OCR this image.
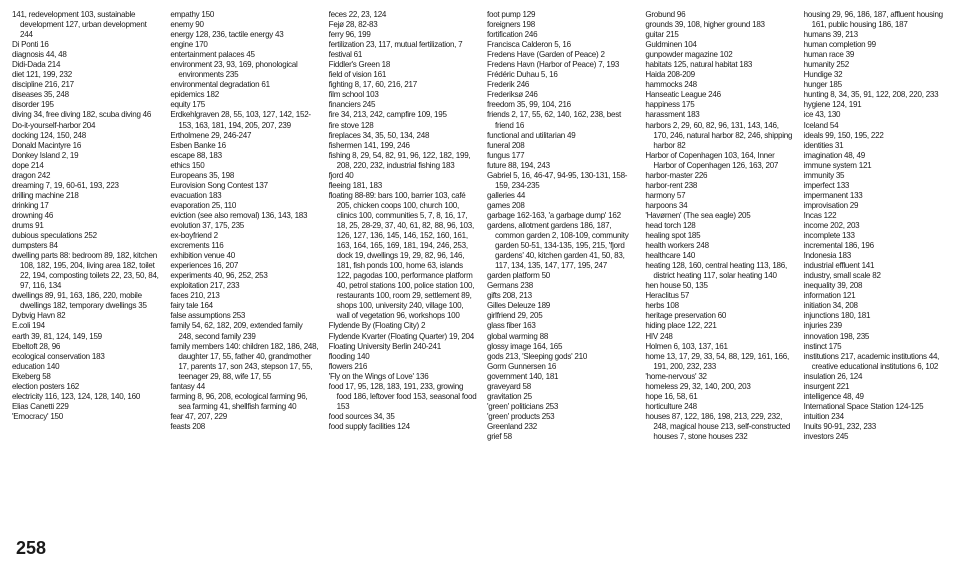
141, redevelopment 103, sustainable development 127, urban development 244

Di Ponti 16

diagnosis 44, 48

Didi-Dada 214

diet 121, 199, 232

discipline 216, 217

diseases 35, 248

disorder 195

diving 34, free diving 182, scuba diving 46

Do-it-yourself-harbor 204

docking 124, 150, 248

Donald Macintyre 16

Donkey Island 2, 19

dope 214

dragon 242

dreaming 7, 19, 60-61, 193, 223

drilling machine 218

drinking 17

drowning 46

drums 91

dubious speculations 252

dumpsters 84

dwelling parts 88: bedroom 89, 182, kitchen 108, 182, 195, 204, living area 182, toilet 22, 194, composting toilets 22, 23, 50, 84, 97, 116, 134

dwellings 89, 91, 163, 186, 220, mobile dwellings 182, temporary dwellings 35

Dybvig Havn 82

E.coli 194

earth 39, 81, 124, 149, 159

Ebeltoft 28, 96

ecological conservation 183

education 140

Ekeberg 58

election posters 162

electricity 116, 123, 124, 128, 140, 160

Elias Canetti 229

'Emocracy' 150

empathy 150

enemy 90

energy 128, 236, tactile energy 43

engine 170

entertainment palaces 45

environment 23, 93, 169, phonological environments 235

environmental degradation 61

epidemics 182

equity 175

Erdkehlgraven 28, 55, 103, 127, 142, 152-153, 163, 181, 194, 205, 207, 239

Ertholmene 29, 246-247

Esben Banke 16

escape 88, 183

ethics 150

Europeans 35, 198

Eurovision Song Contest 137

evacuation 183

evaporation 25, 110

eviction (see also removal) 136, 143, 183

evolution 37, 175, 235

ex-boyfriend 2

excrements 116

exhibition venue 40

experiences 16, 207

experiments 40, 96, 252, 253

exploitation 217, 233

faces 210, 213

fairy tale 164

false assumptions 253

family 54, 62, 182, 209, extended family 248, second family 239

family members 140: children 182, 186, 248, daughter 17, 55, father 40, grandmother 17, parents 17, son 243, stepson 17, 55, teenager 29, 88, wife 17, 55

fantasy 44

farming 8, 96, 208, ecological farming 96, sea farming 41, shellfish farming 40

fear 47, 207, 229

feasts 208

feces 22, 23, 124

Fejø 28, 82-83

ferry 96, 199

fertilization 23, 117, mutual fertilization, 7

festival 61

Fiddler's Green 18

field of vision 161

fighting 8, 17, 60, 216, 217

film school 103

financiers 245

fire 34, 213, 242, campfire 109, 195

fire stove 128

fireplaces 34, 35, 50, 134, 248

fishermen 141, 199, 246

fishing 8, 29, 54, 82, 91, 96, 122, 182, 199, 208, 220, 232, industrial fishing 183

fjord 40

fleeing 181, 183

floating 88-89: bars 100, barrier 103, café 205, chicken coops 100, church 100, clinics 100, communities 5, 7, 8, 16, 17, 18, 25, 28-29, 37, 40, 61, 82, 88, 96, 103, 126, 127, 136, 145, 146, 152, 160, 161, 163, 164, 165, 169, 181, 194, 246, 253, dock 19, dwellings 19, 29, 82, 96, 146, 181, fish ponds 100, home 63, islands 122, pagodas 100, performance platform 40, petrol stations 100, police station 100, restaurants 100, room 29, settlement 89, shops 100, university 240, village 100, wall of vegetation 96, workshops 100

Flydende By (Floating City) 2

Flydende Kvarter (Floating Quarter) 19, 204

Floating University Berlin 240-241

flooding 140

flowers 216

'Fly on the Wings of Love' 136

food 17, 95, 128, 183, 191, 233, growing food 186, leftover food 153, seasonal food 153

food sources 34, 35

food supply facilities 124

foot pump 129

foreigners 198

fortification 246

Francisca Calderon 5, 16

Fredens Have (Garden of Peace) 2

Fredens Havn (Harbor of Peace) 7, 193

Frédéric Duhau 5, 16

Frederik 246

Frederiksø 246

freedom 35, 99, 104, 216

friends 2, 17, 55, 62, 140, 162, 238, best friend 16

functional and utilitarian 49

funeral 208

fungus 177

future 88, 194, 243

Gabriel 5, 16, 46-47, 94-95, 130-131, 158-159, 234-235

galleries 44

games 208

garbage 162-163, 'a garbage dump' 162

gardens, allotment gardens 186, 187, common garden 2, 108-109, community garden 50-51, 134-135, 195, 215, 'fjord gardens' 40, kitchen garden 41, 50, 83, 117, 134, 135, 147, 177, 195, 247

garden platform 50

Germans 238

gifts 208, 213

Gilles Deleuze 189

girlfriend 29, 205

glass fiber 163

global warming 88

glossy image 164, 165

gods 213, 'Sleeping gods' 210

Gorm Gunnersen 16

government 140, 181

graveyard 58

gravitation 25

'green' politicians 253

'green' products 253

Greenland 232

grief 58

Grobund 96

grounds 39, 108, higher ground 183

guitar 215

Guldminen 104

gunpowder magazine 102

habitats 125, natural habitat 183

Haida 208-209

hammocks 248

Hanseatic League 246

happiness 175

harassment 183

harbors 2, 29, 60, 82, 96, 131, 143, 146, 170, 246, natural harbor 82, 246, shipping harbor 82

Harbor of Copenhagen 103, 164, Inner Harbor of Copenhagen 126, 163, 207

harbor-master 226

harbor-rent 238

harmony 57

harpoons 34

'Havørnen' (The sea eagle) 205

head torch 128

healing spot 185

health workers 248

healthcare 140

heating 128, 160, central heating 113, 186, district heating 117, solar heating 140

hen house 50, 135

Heraclitus 57

herbs 108

heritage preservation 60

hiding place 122, 221

HIV 248

Holmen 6, 103, 137, 161

home 13, 17, 29, 33, 54, 88, 129, 161, 166, 191, 200, 232, 233

'home-nervous' 32

homeless 29, 32, 140, 200, 203

hope 16, 58, 61

horticulture 248

houses 87, 122, 186, 198, 213, 229, 232, 248, magical house 213, self-constructed houses 7, stone houses 232

housing 29, 96, 186, 187, affluent housing 161, public housing 186, 187

humans 39, 213

human completion 99

human race 39

humanity 252

Hundige 32

hunger 185

hunting 8, 34, 35, 91, 122, 208, 220, 233

hygiene 124, 191

ice 43, 130

Iceland 54

ideals 99, 150, 195, 222

identities 31

imagination 48, 49

immune system 121

immunity 35

imperfect 133

impermanent 133

improvisation 29

Incas 122

income 202, 203

incomplete 133

incremental 186, 196

Indonesia 183

industrial effluent 141

industry, small scale 82

inequality 39, 208

information 121

initiation 34, 208

injunctions 180, 181

injuries 239

innovation 198, 235

instinct 175

institutions 217, academic institutions 44, creative educational institutions 6, 102

insulation 26, 124

insurgent 221

intelligence 48, 49

International Space Station 124-125

intuition 234

Inuits 90-91, 232, 233

investors 245

258
